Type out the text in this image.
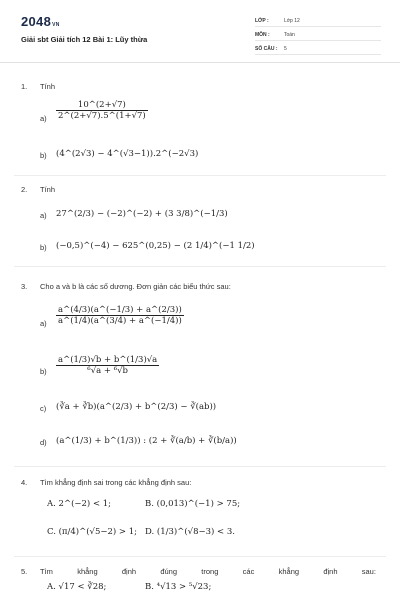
2048VN
Giải sbt Giải tích 12 Bài 1: Lũy thừa
LỚP :	Lớp 12
MÔN :	Toán
SỐ CÂU : 5
1. Tính
$a) \frac{10\^{}(2+√7)}{2\^{}(2+√7).5\^{}(1+√7)}$
b) (4^(2√3) − 4^(√3−1)).2^(−2√3)
2. Tính
a) 27^(2/3) − (−2)^(−2) + (3 3/8)^(−1/3)
b) (−0,5)^(−4) − 625^(0,25) − (2 1/4)^(−1 1/2)
3. Cho a và b là các số dương. Đơn giản các biểu thức sau:
$a) \frac{a\^{}(4/3)(a\^{}(-1/3) + a\^{}(2/3))}{a\^{}(1/4)(a\^{}(3/4) + a\^{}(-1/4))}$
$b) \frac{a\^{}(1/3)√b + b\^{}(1/3)√a}{\text{⁶√a + ⁶√b}}$
c) (∛a + ∛b)(a^(2/3) + b^(2/3) − ∛(ab))
d) (a^(1/3) + b^(1/3)) : (2 + ∛(a/b) + ∛(b/a))
4. Tìm khẳng định sai trong các khẳng định sau:
A. 2^(−2) < 1;	B. (0,013)^(−1) > 75;
C. (π/4)^(√5−2) > 1; D. (1/3)^(√8−3) < 3.
5. Tìm	khẳng	định	đúng	trong	các	khẳng	định	sau:
A. √17 < ∛28;	B. ⁴√13 > ⁵√23;
